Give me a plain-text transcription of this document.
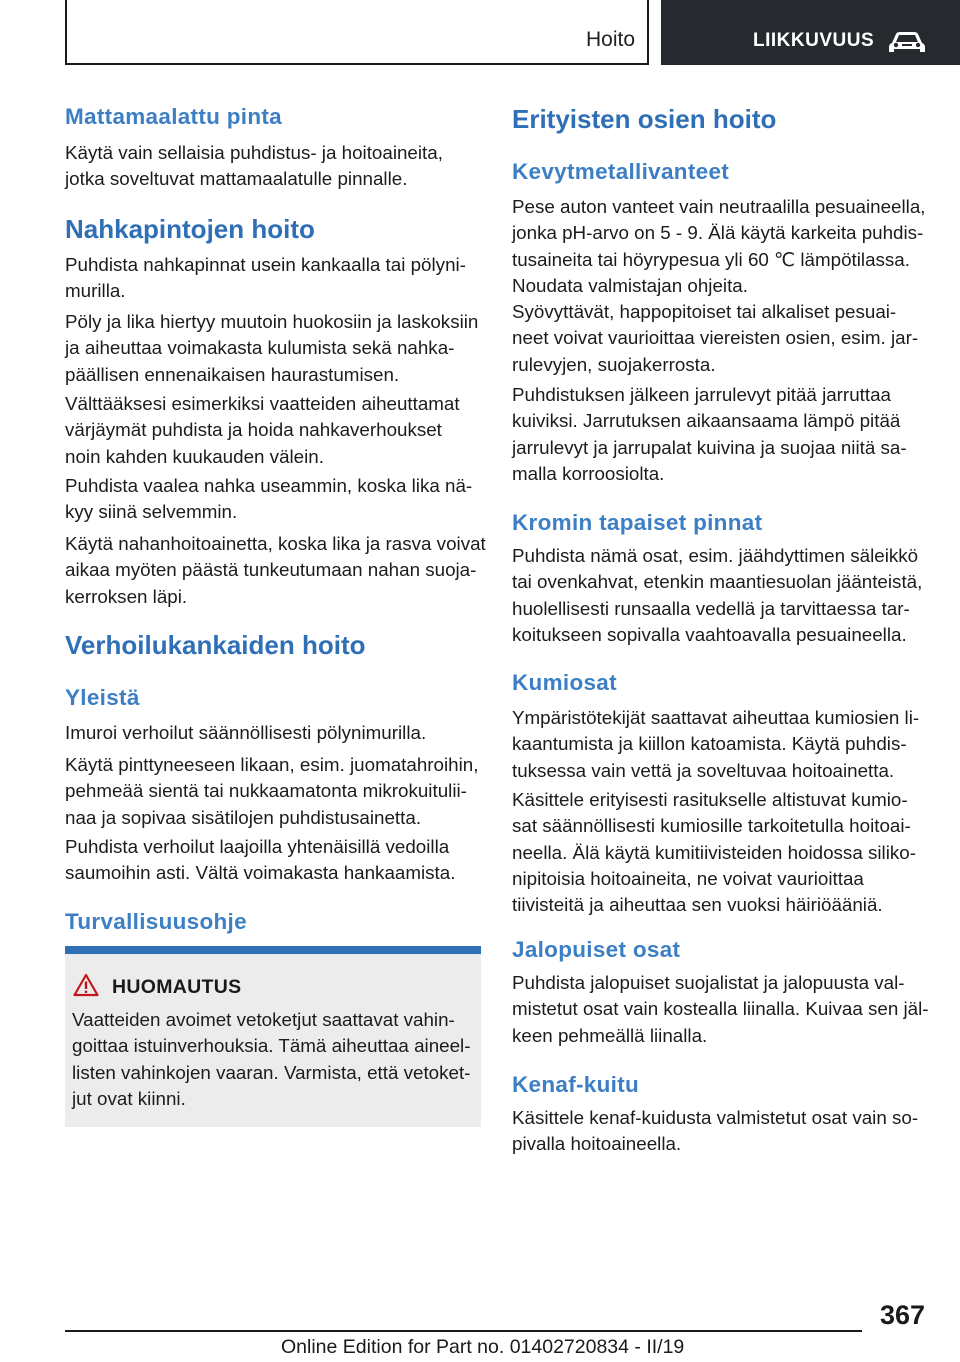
Hoito	LIIKKUVUUS
Mattamaalattu pinta
Käytä vain sellaisia puhdistus- ja hoitoaineita,
jotka soveltuvat mattamaalatulle pinnalle.
Nahkapintojen hoito
Puhdista nahkapinnat usein kankaalla tai pölyni‐
murilla.
Pöly ja lika hiertyy muutoin huokosiin ja laskoksiin
ja aiheuttaa voimakasta kulumista sekä nahka‐
päällisen ennenaikaisen haurastumisen.
Välttääksesi esimerkiksi vaatteiden aiheuttamat
värjäymät puhdista ja hoida nahkaverhoukset
noin kahden kuukauden välein.
Puhdista vaalea nahka useammin, koska lika nä‐
kyy siinä selvemmin.
Käytä nahanhoitoainetta, koska lika ja rasva voivat
aikaa myöten päästä tunkeutumaan nahan suoja‐
kerroksen läpi.
Verhoilukankaiden hoito
Yleistä
Imuroi verhoilut säännöllisesti pölynimurilla.
Käytä pinttyneeseen likaan, esim. juomatahroihin,
pehmeää sientä tai nukkaamatonta mikrokuitulii‐
naa ja sopivaa sisätilojen puhdistusainetta.
Puhdista verhoilut laajoilla yhtenäisillä vedoilla
saumoihin asti. Vältä voimakasta hankaamista.
Turvallisuusohje
HUOMAUTUS
Vaatteiden avoimet vetoketjut saattavat vahin‐
goittaa istuinverhouksia. Tämä aiheuttaa aineel‐
listen vahinkojen vaaran. Varmista, että vetoket‐
jut ovat kiinni.
Erityisten osien hoito
Kevytmetallivanteet
Pese auton vanteet vain neutraalilla pesuaineella,
jonka pH-arvo on 5 - 9. Älä käytä karkeita puhdis‐
tusaineita tai höyrypesua yli 60 ℃ lämpötilassa.
Noudata valmistajan ohjeita.
Syövyttävät, happopitoiset tai alkaliset pesuai‐
neet voivat vaurioittaa viereisten osien, esim. jar‐
rulevyjen, suojakerrosta.
Puhdistuksen jälkeen jarrulevyt pitää jarruttaa
kuiviksi. Jarrutuksen aikaansaama lämpö pitää
jarrulevyt ja jarrupalat kuivina ja suojaa niitä sa‐
malla korroosiolta.
Kromin tapaiset pinnat
Puhdista nämä osat, esim. jäähdyttimen säleikkö
tai ovenkahvat, etenkin maantiesuolan jäänteistä,
huolellisesti runsaalla vedellä ja tarvittaessa tar‐
koitukseen sopivalla vaahtoavalla pesuaineella.
Kumiosat
Ympäristötekijät saattavat aiheuttaa kumiosien li‐
kaantumista ja kiillon katoamista. Käytä puhdis‐
tuksessa vain vettä ja soveltuvaa hoitoainetta.
Käsittele erityisesti rasitukselle altistuvat kumio‐
sat säännöllisesti kumiosille tarkoitetulla hoitoai‐
neella. Älä käytä kumitiivisteiden hoidossa siliko‐
nipitoisia hoitoaineita, ne voivat vaurioittaa
tiivisteitä ja aiheuttaa sen vuoksi häiriöääniä.
Jalopuiset osat
Puhdista jalopuiset suojalistat ja jalopuusta val‐
mistetut osat vain kostealla liinalla. Kuivaa sen jäl‐
keen pehmeällä liinalla.
Kenaf-kuitu
Käsittele kenaf-kuidusta valmistetut osat vain so‐
pivalla hoitoaineella.
367
Online Edition for Part no. 01402720834 - II/19
